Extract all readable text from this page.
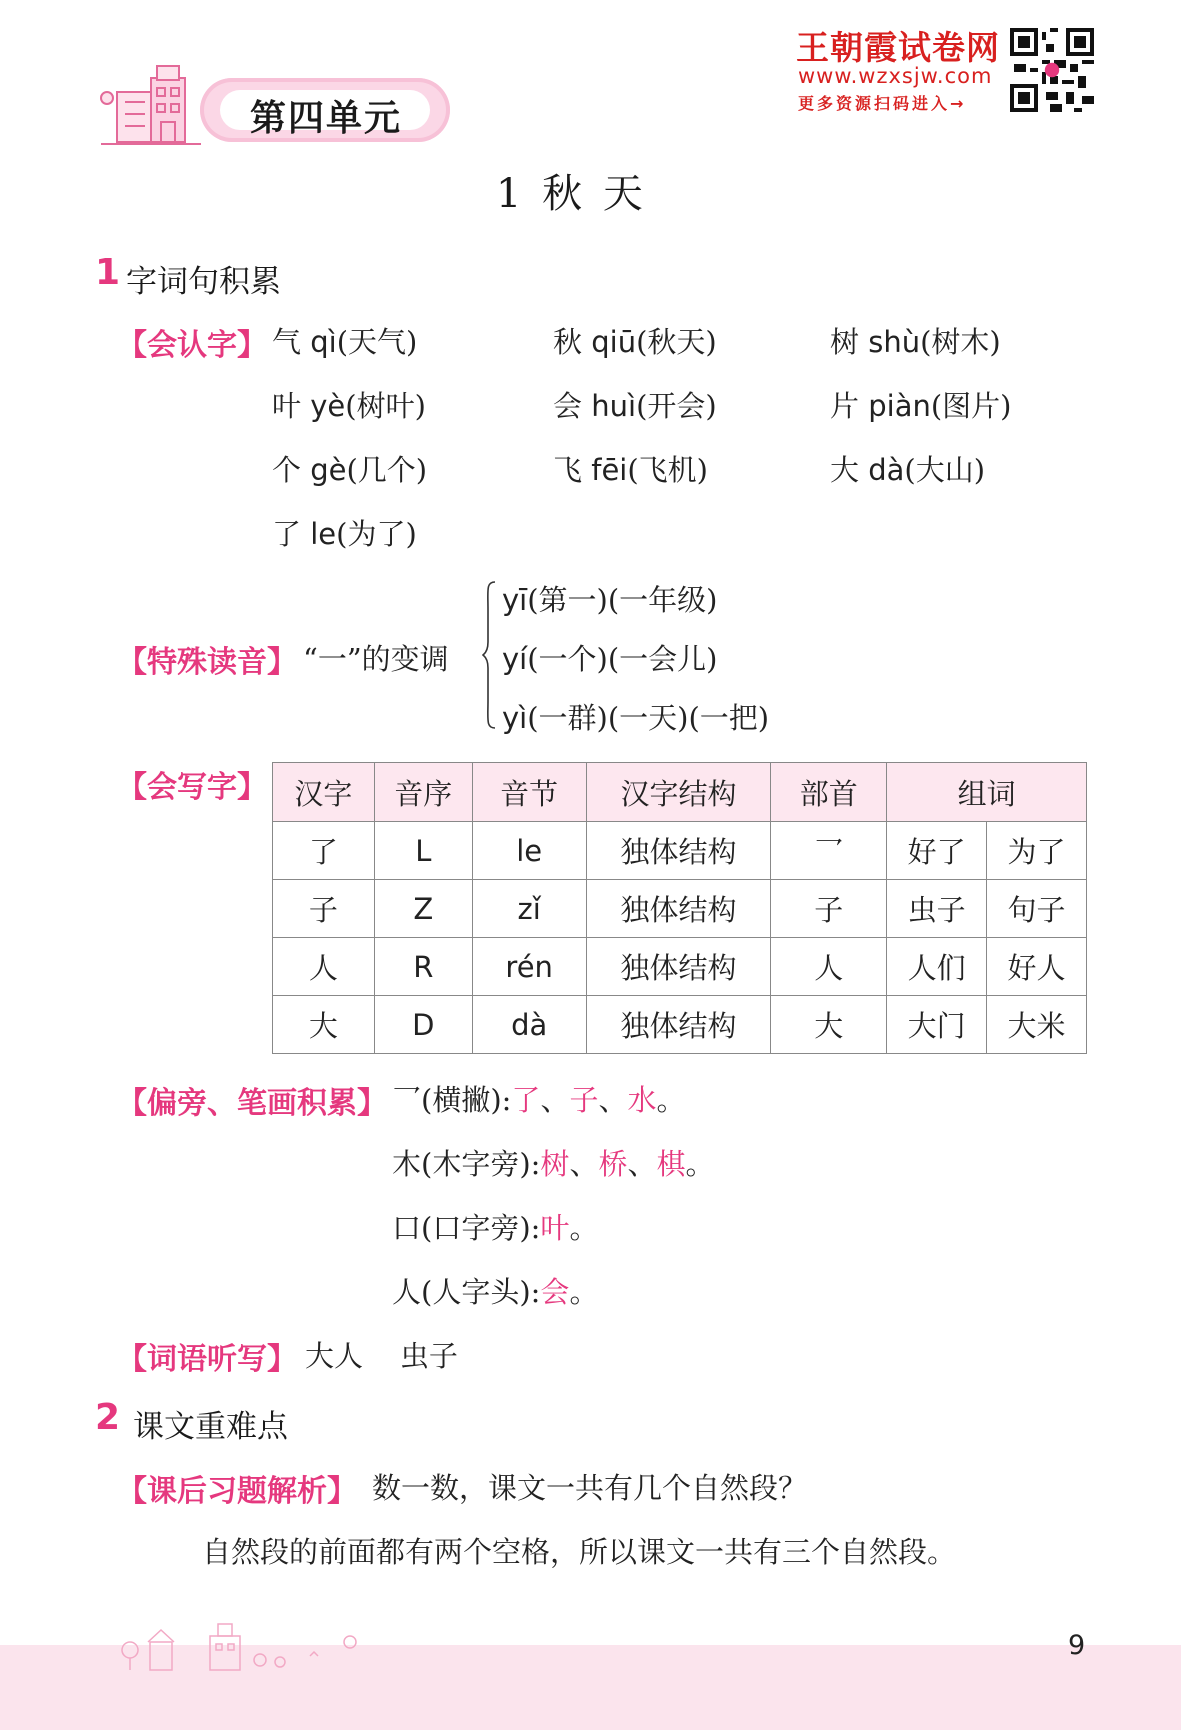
第四单元
王朝霞试卷网
www.wzxsjw.com
更多资源扫码进入→
1 秋 天
1 字词句积累
【会认字】 气 qì(天气)	秋 qiū(秋天)	树 shù(树木)
叶 yè(树叶)	会 huì(开会)	片 piàn(图片)
个 gè(几个)	飞 fēi(飞机)	大 dà(大山)
了 le(为了)
【特殊读音】 “一”的变调
yī(第一)(一年级)
yí(一个)(一会儿)
yì(一群)(一天)(一把)
【会写字】 汉字	音序	音节	汉字结构	部首	组词	
了	L	le	独体结构	乛	好了	为了
子	Z	zǐ	独体结构	子	虫子	句子
人	R	rén	独体结构	人	人们	好人
大	D	dà	独体结构	大	大门	大米
【偏旁、笔画积累】 乛(横撇):了、子、水。
木(木字旁):树、桥、棋。
口(口字旁):叶。
人(人字头):会。
【词语听写】 大人    虫子
2 课文重难点
【课后习题解析】 数一数，课文一共有几个自然段？
自然段的前面都有两个空格，所以课文一共有三个自然段。
9
